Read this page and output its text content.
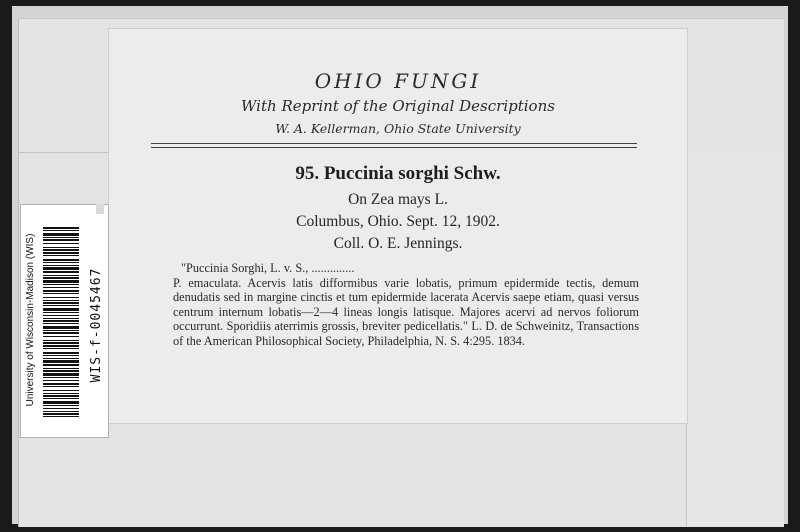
OHIO FUNGI
With Reprint of the Original Descriptions
W. A. Kellerman, Ohio State University
95. Puccinia sorghi Schw.
On Zea mays L.
Columbus, Ohio. Sept. 12, 1902.
Coll. O. E. Jennings.
"Puccinia Sorghi, L. v. S., ..............
P. emaculata. Acervis latis difformibus varie lobatis, primum epidermide tectis, demum denudatis sed in margine cinctis et tum epidermide lacerata Acervis saepe etiam, quasi versus centrum internum lobatis—2—4 lineas longis latisque. Majores acervi ad nervos foliorum occurrunt. Sporidiis aterrimis grossis, breviter pedicellatis." L. D. de Schweinitz, Transactions of the American Philosophical Society, Philadelphia, N. S. 4:295. 1834.
University of Wisconsin-Madison (WIS)	WIS-f-0045467
